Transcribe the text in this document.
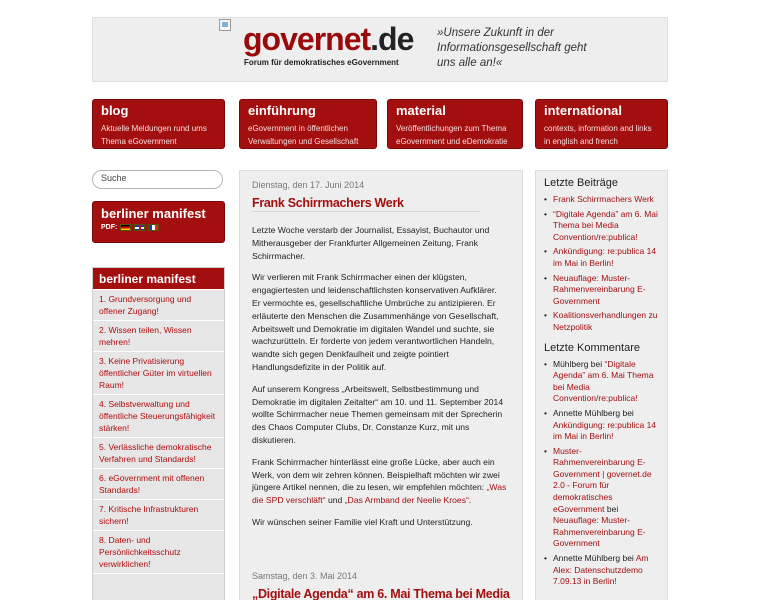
governet.de
Forum für demokratisches eGovernment
»Unsere Zukunft in der Informationsgesellschaft geht uns alle an!«
blog
Aktuelle Meldungen rund ums Thema eGovernment
einführung
eGovernment in öffentlichen Verwaltungen und Gesellschaft
material
Veröffentlichungen zum Thema eGovernment und eDemokratie
international
contexts, information and links in english and french
Suche
berliner manifest
PDF:
berliner manifest
1. Grundversorgung und offener Zugang!
2. Wissen teilen, Wissen mehren!
3. Keine Privatisierung öffentlicher Güter im virtuellen Raum!
4. Selbstverwaltung und öffentliche Steuerungsfähigkeit stärken!
5. Verlässliche demokratische Verfahren und Standards!
6. eGovernment mit offenen Standards!
7. Kritische Infrastrukturen sichern!
8. Daten- und Persönlichkeitsschutz verwirklichen!
Dienstag, den 17. Juni 2014
Frank Schirrmachers Werk

Letzte Woche verstarb der Journalist, Essayist, Buchautor und Mitherausgeber der Frankfurter Allgemeinen Zeitung, Frank Schirrmacher.

Wir verlieren mit Frank Schirrmacher einen der klügsten, engagiertesten und leidenschaftlichsten konservativen Aufklärer. Er vermochte es, gesellschaftliche Umbrüche zu antizipieren. Er erläuterte den Menschen die Zusammenhänge von Gesellschaft, Arbeitswelt und Demokratie im digitalen Wandel und suchte, sie wachzurütteln. Er forderte von jedem verantwortlichen Handeln, wandte sich gegen Denkfaulheit und zeigte pointiert Handlungsdefizite in der Politik auf.

Auf unserem Kongress „Arbeitswelt, Selbstbestimmung und Demokratie im digitalen Zeitalter“ am 10. und 11. September 2014 wollte Schirrmacher neue Themen gemeinsam mit der Sprecherin des Chaos Computer Clubs, Dr. Constanze Kurz, mit uns diskutieren.

Frank Schirrmacher hinterlässt eine große Lücke, aber auch ein Werk, von dem wir zehren können. Beispielhaft möchten wir zwei jüngere Artikel nennen, die zu lesen, wir empfehlen möchten: „Was die SPD verschläft“ und „Das Armband der Neelie Kroes“.

Wir wünschen seiner Familie viel Kraft und Unterstützung.

Samstag, den 3. Mai 2014
„Digitale Agenda“ am 6. Mai Thema bei Media
Letzte Beiträge
• Frank Schirrmachers Werk
• “Digitale Agenda” am 6. Mai Thema bei Media Convention/re:publica!
• Ankündigung: re:publica 14 im Mai in Berlin!
• Neuauflage: Muster-Rahmenvereinbarung E-Government
• Koalitionsverhandlungen zu Netzpolitik
Letzte Kommentare
• Mühlberg bei “Digitale Agenda” am 6. Mai Thema bei Media Convention/re:publica!
• Annette Mühlberg bei Ankündigung: re:publica 14 im Mai in Berlin!
• Muster-Rahmenvereinbarung E-Government | governet.de 2.0 - Forum für demokratisches eGovernment bei Neuauflage: Muster-Rahmenvereinbarung E-Government
• Annette Mühlberg bei Am Alex: Datenschutzdemo 7.09.13 in Berlin!
